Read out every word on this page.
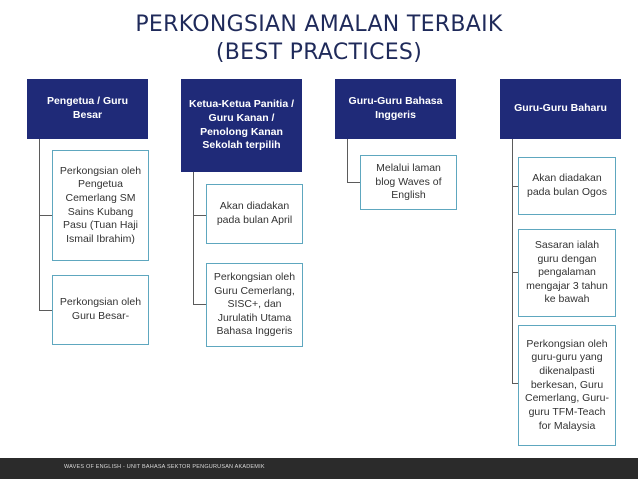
PERKONGSIAN AMALAN TERBAIK
(BEST PRACTICES)
Pengetua / Guru Besar
Perkongsian oleh Pengetua Cemerlang SM Sains Kubang Pasu (Tuan Haji Ismail Ibrahim)
Perkongsian oleh Guru Besar-
Ketua-Ketua Panitia / Guru Kanan / Penolong Kanan Sekolah terpilih
Akan diadakan pada bulan April
Perkongsian oleh Guru Cemerlang, SISC+, dan Jurulatih Utama Bahasa Inggeris
Guru-Guru Bahasa Inggeris
Melalui laman blog Waves of English
Guru-Guru Baharu
Akan diadakan pada bulan Ogos
Sasaran ialah guru dengan pengalaman mengajar 3 tahun ke bawah
Perkongsian oleh guru-guru yang dikenalpasti berkesan, Guru Cemerlang, Guru-guru TFM-Teach for Malaysia
WAVES OF ENGLISH - UNIT BAHASA SEKTOR PENGURUSAN AKADEMIK
